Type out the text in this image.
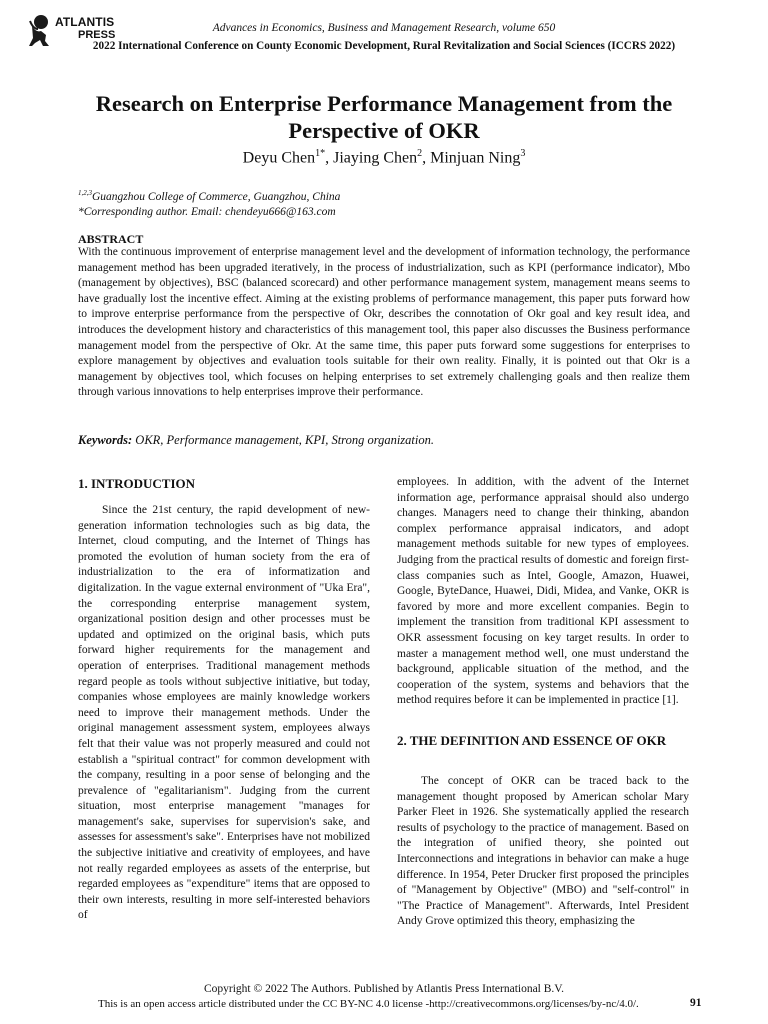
ATLANTIS
PRESS
Advances in Economics, Business and Management Research, volume 650
2022 International Conference on County Economic Development, Rural Revitalization and Social Sciences (ICCRS 2022)
Research on Enterprise Performance Management from the Perspective of OKR
Deyu Chen$^{1*}$, Jiaying Chen$^2$, Minjuan Ning$^3$
$^{1,2,3}$Guangzhou College of Commerce, Guangzhou, China
*Corresponding author. Email: chendeyu666@163.com
ABSTRACT
With the continuous improvement of enterprise management level and the development of information technology, the performance management method has been upgraded iteratively, in the process of industrialization, such as KPI (performance indicator), Mbo (management by objectives), BSC (balanced scorecard) and other performance management system, management means seems to have gradually lost the incentive effect. Aiming at the existing problems of performance management, this paper puts forward how to improve enterprise performance from the perspective of Okr, describes the connotation of Okr goal and key result idea, and introduces the development history and characteristics of this management tool, this paper also discusses the Business performance management model from the perspective of Okr. At the same time, this paper puts forward some suggestions for enterprises to explore management by objectives and evaluation tools suitable for their own reality. Finally, it is pointed out that Okr is a management by objectives tool, which focuses on helping enterprises to set extremely challenging goals and then realize them through various innovations to help enterprises improve their performance.
Keywords: OKR, Performance management, KPI, Strong organization.
1. INTRODUCTION
Since the 21st century, the rapid development of new-generation information technologies such as big data, the Internet, cloud computing, and the Internet of Things has promoted the evolution of human society from the era of industrialization to the era of informatization and digitalization. In the vague external environment of "Uka Era", the corresponding enterprise management system, organizational position design and other processes must be updated and optimized on the original basis, which puts forward higher requirements for the management and operation of enterprises. Traditional management methods regard people as tools without subjective initiative, but today, companies whose employees are mainly knowledge workers need to improve their management methods. Under the original management assessment system, employees always felt that their value was not properly measured and could not establish a "spiritual contract" for common development with the company, resulting in a poor sense of belonging and the prevalence of "egalitarianism". Judging from the current situation, most enterprise management "manages for management's sake, supervises for supervision's sake, and assesses for assessment's sake". Enterprises have not mobilized the subjective initiative and creativity of employees, and have not really regarded employees as assets of the enterprise, but regarded employees as "expenditure" items that are opposed to their own interests, resulting in more self-interested behaviors of
employees. In addition, with the advent of the Internet information age, performance appraisal should also undergo changes. Managers need to change their thinking, abandon complex performance appraisal indicators, and adopt management methods suitable for new types of employees. Judging from the practical results of domestic and foreign first-class companies such as Intel, Google, Amazon, Huawei, Google, ByteDance, Huawei, Didi, Midea, and Vanke, OKR is favored by more and more excellent companies. Begin to implement the transition from traditional KPI assessment to OKR assessment focusing on key target results. In order to master a management method well, one must understand the background, applicable situation of the method, and the cooperation of the system, systems and behaviors that the method requires before it can be implemented in practice [1].
2. THE DEFINITION AND ESSENCE OF OKR
The concept of OKR can be traced back to the management thought proposed by American scholar Mary Parker Fleet in 1926. She systematically applied the research results of psychology to the practice of management. Based on the integration of unified theory, she pointed out Interconnections and integrations in behavior can make a huge difference. In 1954, Peter Drucker first proposed the principles of "Management by Objective" (MBO) and "self-control" in "The Practice of Management". Afterwards, Intel President Andy Grove optimized this theory, emphasizing the
Copyright © 2022 The Authors. Published by Atlantis Press International B.V.
This is an open access article distributed under the CC BY-NC 4.0 license -http://creativecommons.org/licenses/by-nc/4.0/.	91
